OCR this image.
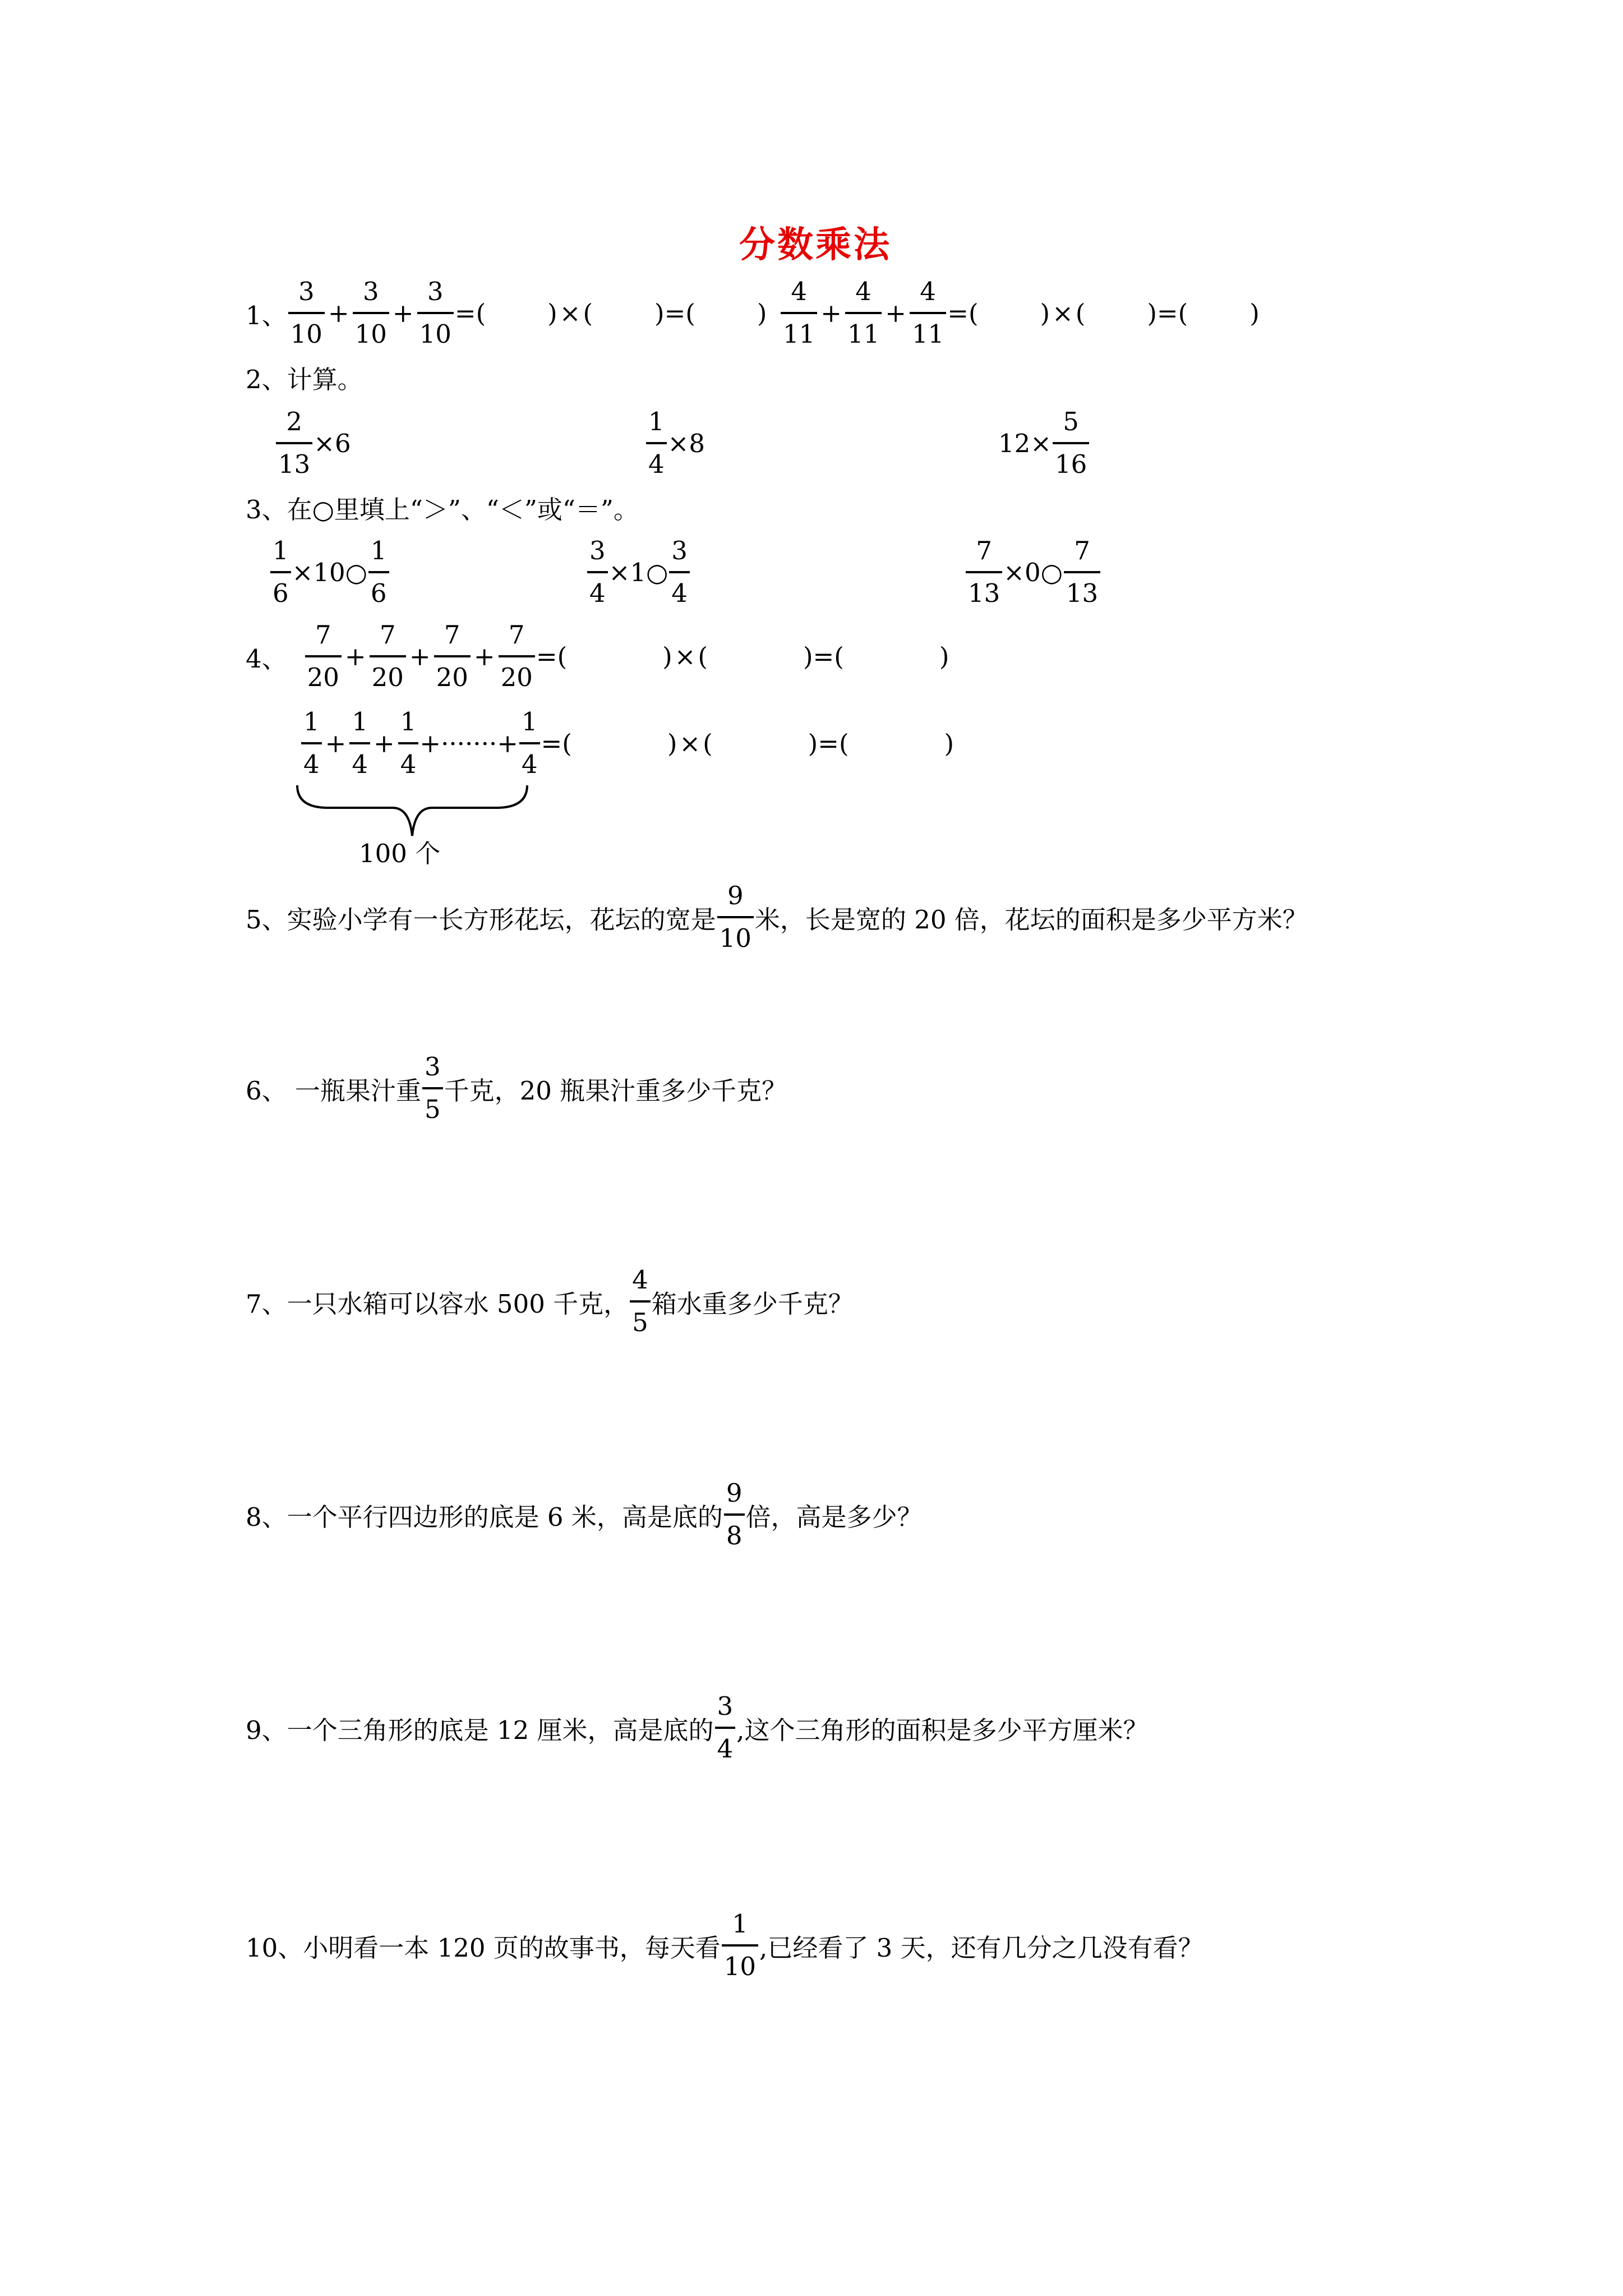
分数乘法
1、 $\frac{3}{10} + \frac{3}{10} + \frac{3}{10}$ = ( ) × ( ) = ( ) $\frac{4}{11} + \frac{4}{11} + \frac{4}{11}$ = ( ) × ( ) = ( )
2、计算。
$\frac{2}{13} \times 6$	$\frac{1}{4} \times 8$	$12\times \frac{5}{16}$
3、在○里填上“＞”、“＜”或“＝”。
$\frac{1}{6}$ ×10○ $\frac{1}{6}$	$\frac{3}{4}$ ×1○ $\frac{3}{4}$	$\frac{7}{13}$ ×0○ $\frac{7}{13}$
4、 $\frac{7}{20} + \frac{7}{20} + \frac{7}{20} + \frac{7}{20}$ = (	) × (	) = (	)
$\frac{1}{4} + \frac{1}{4} + \frac{1}{4}$ +·······+ $\frac{1}{4}$ = (	) × (	) = (	)
100 个
5、实验小学有一长方形花坛，花坛的宽是 $\frac{9}{10}$ 米，长是宽的 20 倍，花坛的面积是多少平方米？
6、 一瓶果汁重 $\frac{3}{5}$ 千克，20 瓶果汁重多少千克？
7、一只水箱可以容水 500 千克， $\frac{4}{5}$ 箱水重多少千克？
8、一个平行四边形的底是 6 米，高是底的 $\frac{9}{8}$ 倍，高是多少？
9、一个三角形的底是 12 厘米，高是底的 $\frac{3}{4}$ ,这个三角形的面积是多少平方厘米？
10、小明看一本 120 页的故事书，每天看 $\frac{1}{10}$ ,已经看了 3 天，还有几分之几没有看？
